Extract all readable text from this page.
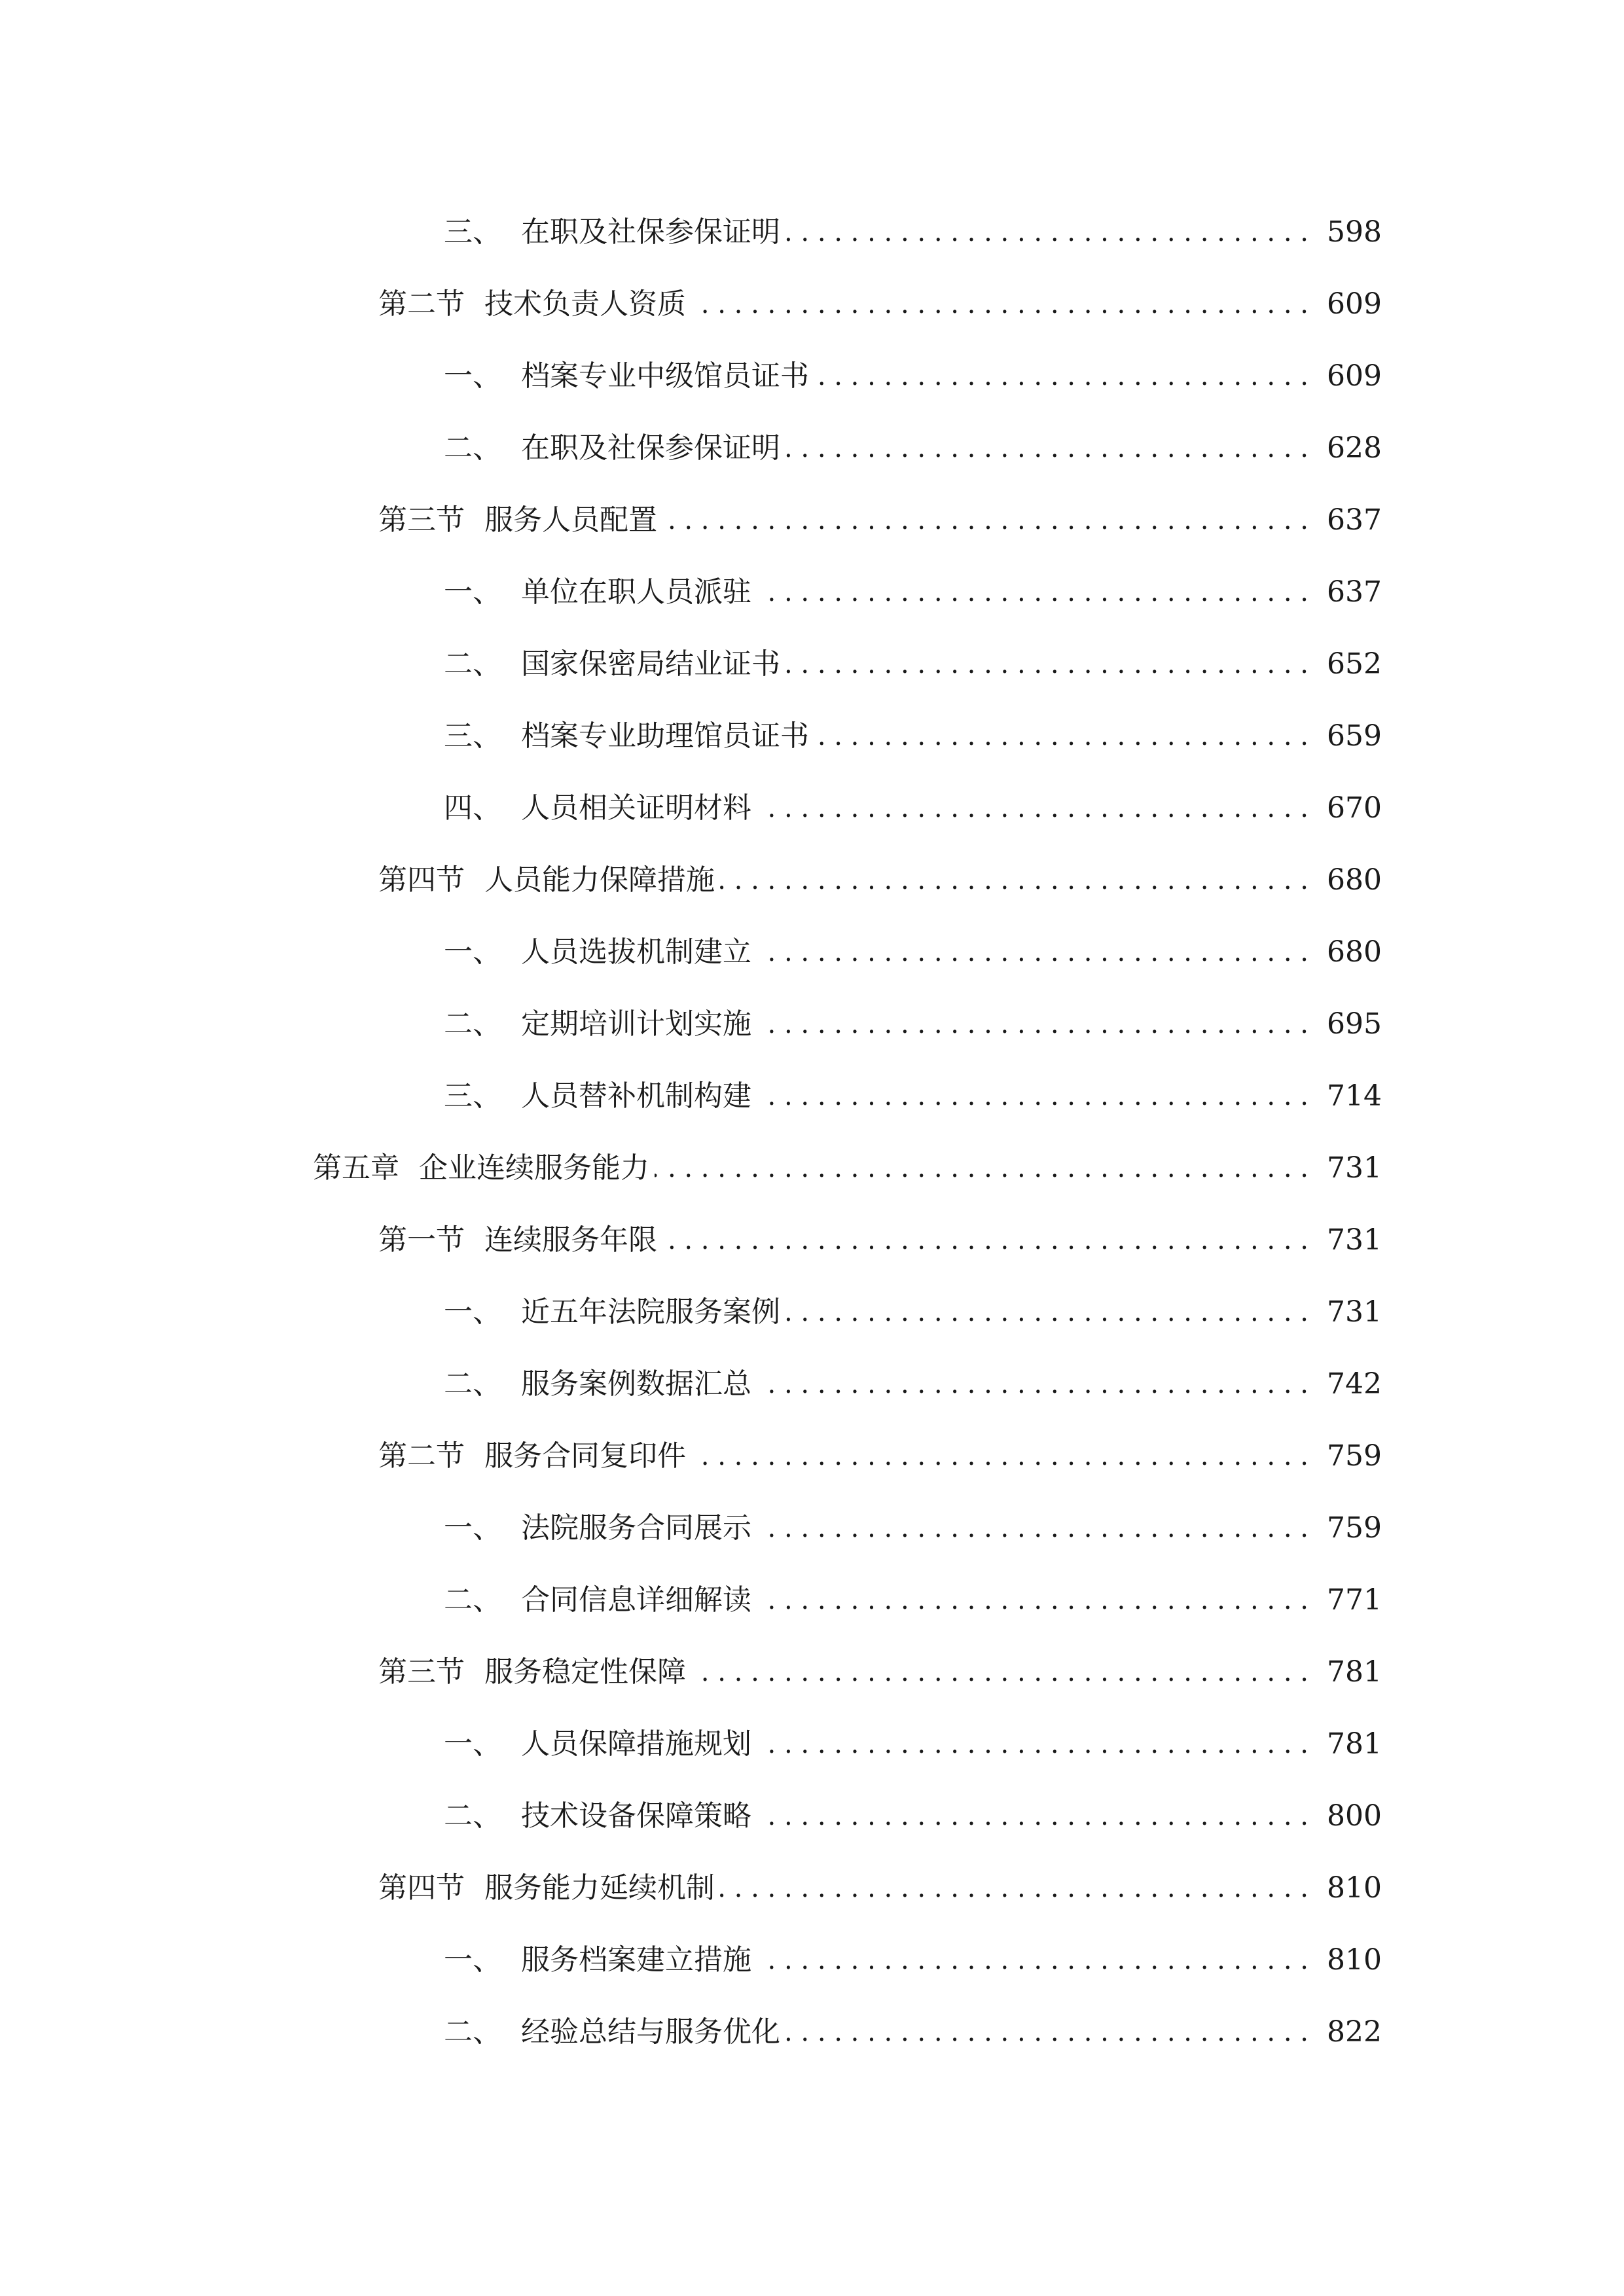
三、 在职及社保参保证明 . . .	598
第二节 技术负责人资质 . . .	609
一、 档案专业中级馆员证书 . . .	609
二、 在职及社保参保证明 . . .	628
第三节 服务人员配置 . . .	637
一、 单位在职人员派驻 . . .	637
二、 国家保密局结业证书 . . .	652
三、 档案专业助理馆员证书 . . .	659
四、 人员相关证明材料 . . .	670
第四节 人员能力保障措施 . . .	680
一、 人员选拔机制建立 . . .	680
二、 定期培训计划实施 . . .	695
三、 人员替补机制构建 . . .	714
第五章 企业连续服务能力 . . .	731
第一节 连续服务年限 . . .	731
一、 近五年法院服务案例 . . .	731
二、 服务案例数据汇总 . . .	742
第二节 服务合同复印件 . . .	759
一、 法院服务合同展示 . . .	759
二、 合同信息详细解读 . . .	771
第三节 服务稳定性保障 . . .	781
一、 人员保障措施规划 . . .	781
二、 技术设备保障策略 . . .	800
第四节 服务能力延续机制 . . .	810
一、 服务档案建立措施 . . .	810
二、 经验总结与服务优化 . . .	822
